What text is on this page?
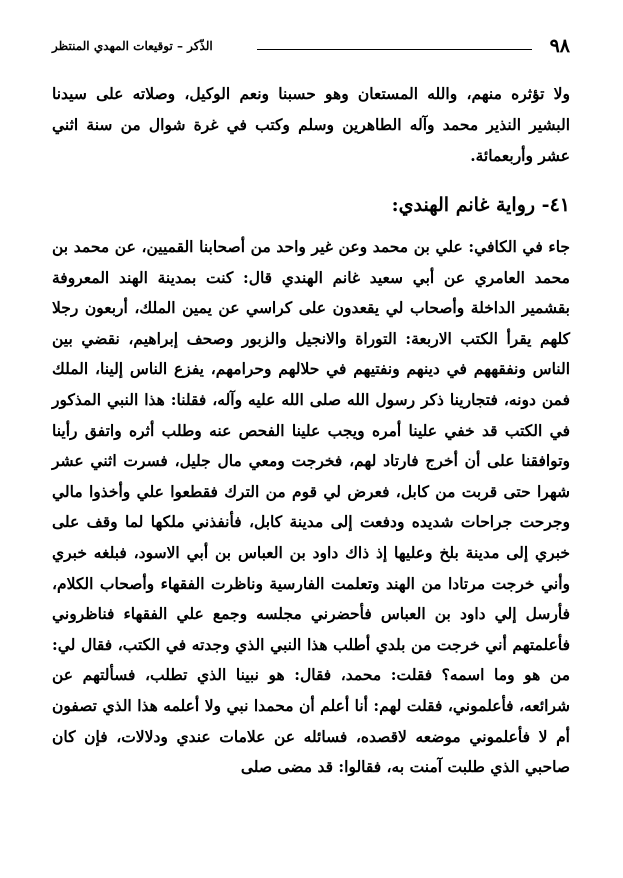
الذّكر – توقيعات المهدي المنتظر	٩٨

ولا تؤثره منهم، والله المستعان وهو حسبنا ونعم الوكيل، وصلاته على سيدنا البشير النذير محمد وآله الطاهرين وسلم وكتب في غرة شوال من سنة اثني عشر وأربعمائة.

٤١- رواية غانم الهندي:

جاء في الكافي: علي بن محمد وعن غير واحد من أصحابنا القميين، عن محمد بن محمد العامري عن أبي سعيد غانم الهندي قال: كنت بمدينة الهند المعروفة بقشمير الداخلة وأصحاب لي يقعدون على كراسي عن يمين الملك، أربعون رجلا كلهم يقرأ الكتب الاربعة: التوراة والانجيل والزبور وصحف إبراهيم، نقضي بين الناس ونفقههم في دينهم ونفتيهم في حلالهم وحرامهم، يفزع الناس إلينا، الملك فمن دونه، فتجارينا ذكر رسول الله صلى الله عليه وآله، فقلنا: هذا النبي المذكور في الكتب قد خفي علينا أمره ويجب علينا الفحص عنه وطلب أثره واتفق رأينا وتوافقنا على أن أخرج فارتاد لهم، فخرجت ومعي مال جليل، فسرت اثني عشر شهرا حتى قربت من كابل، فعرض لي قوم من الترك فقطعوا علي وأخذوا مالي وجرحت جراحات شديده ودفعت إلى مدينة كابل، فأنفذني ملكها لما وقف على خبري إلى مدينة بلخ وعليها إذ ذاك داود بن العباس بن أبي الاسود، فبلغه خبري وأني خرجت مرتادا من الهند وتعلمت الفارسية وناظرت الفقهاء وأصحاب الكلام، فأرسل إلي داود بن العباس فأحضرني مجلسه وجمع علي الفقهاء فناظروني فأعلمتهم أني خرجت من بلدي أطلب هذا النبي الذي وجدته في الكتب، فقال لي: من هو وما اسمه؟ فقلت: محمد، فقال: هو نبينا الذي تطلب، فسألتهم عن شرائعه، فأعلموني، فقلت لهم: أنا أعلم أن محمدا نبي ولا أعلمه هذا الذي تصفون أم لا فأعلموني موضعه لاقصده، فسائله عن علامات عندي ودلالات، فإن كان صاحبي الذي طلبت آمنت به، فقالوا: قد مضى صلى
